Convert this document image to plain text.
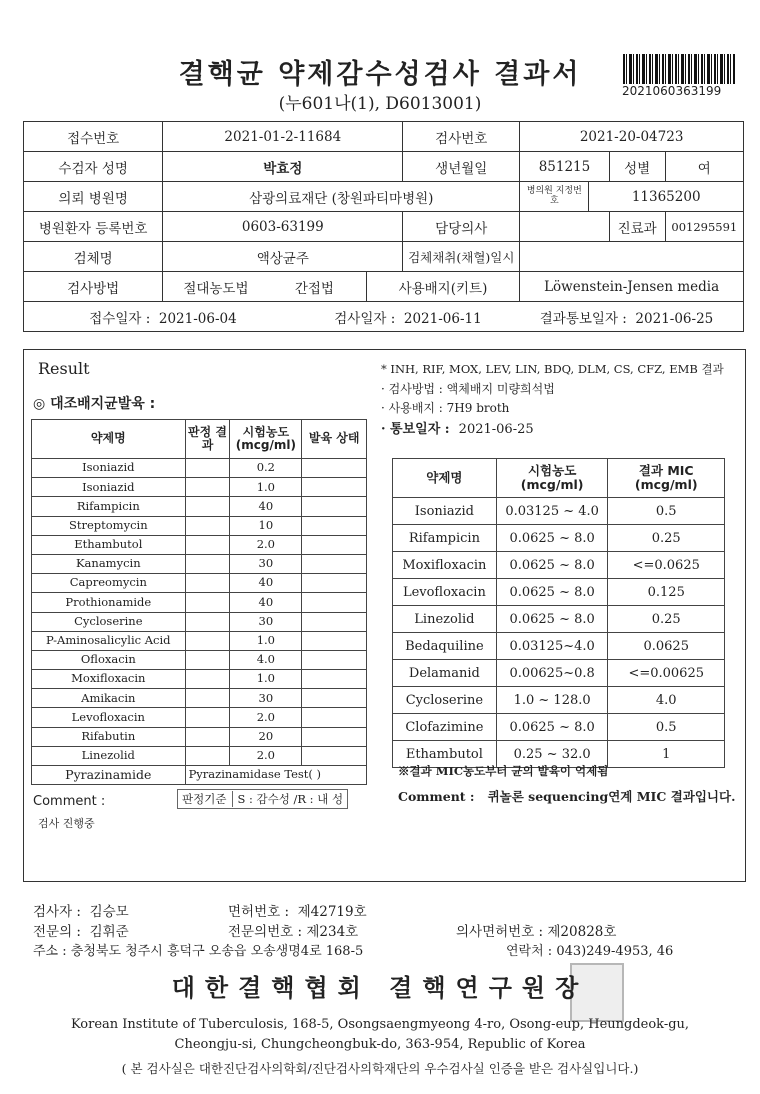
결핵균 약제감수성검사 결과서
(누601나(1), D6013001)
2021060363199
접수번호	2021-01-2-11684		검사번호	2021-20-04723			
수검자 성명	박효정		생년월일	851215		성별	여
의뢰 병원명	삼광의료재단 (창원파티마병원)			병의원 지정번호	11365200		
병원환자 등록번호	0603-63199		담당의사			진료과	001295591
검체명	액상균주		검체채취(채혈)일시				
검사방법	절대농도법 간접법	사용배지(키트)		Löwenstein-Jensen media			
접수일자 : 2021-06-04 검사일자 : 2021-06-11 결과통보일자 : 2021-06-25							
Result
◎ 대조배지균발육 :
약제명	판정 결과	시험농도 (mcg/ml)	발육 상태
Isoniazid		0.2	
Isoniazid		1.0	
Rifampicin		40	
Streptomycin		10	
Ethambutol		2.0	
Kanamycin		30	
Capreomycin		40	
Prothionamide		40	
Cycloserine		30	
P-Aminosalicylic Acid		1.0	
Ofloxacin		4.0	
Moxifloxacin		1.0	
Amikacin		30	
Levofloxacin		2.0	
Rifabutin		20	
Linezolid		2.0	
Pyrazinamide	Pyrazinamidase Test( )
판정기준 S : 감수성 /R : 내 성
Comment :
검사 진행중
* INH, RIF, MOX, LEV, LIN, BDQ, DLM, CS, CFZ, EMB 결과
· 검사방법 : 액체배지 미량희석법
· 사용배지 : 7H9 broth
· 통보일자 : 2021-06-25
약제명	시험농도 (mcg/ml)	결과 MIC (mcg/ml)
Isoniazid	0.03125 ~ 4.0	0.5
Rifampicin	0.0625 ~ 8.0	0.25
Moxifloxacin	0.0625 ~ 8.0	<=0.0625
Levofloxacin	0.0625 ~ 8.0	0.125
Linezolid	0.0625 ~ 8.0	0.25
Bedaquiline	0.03125~4.0	0.0625
Delamanid	0.00625~0.8	<=0.00625
Cycloserine	1.0 ~ 128.0	4.0
Clofazimine	0.0625 ~ 8.0	0.5
Ethambutol	0.25 ~ 32.0	1
※결과 MIC농도부터 균의 발육이 억제됨
Comment : 퀴놀론 sequencing연계 MIC 결과입니다.
검사자 : 김승모	면허번호 : 제42719호
전문의 : 김휘준	전문의번호 : 제234호	의사면허번호 : 제20828호
주소 : 충청북도 청주시 흥덕구 오송읍 오송생명4로 168-5	연락처 : 043)249-4953, 46
대한결핵협회 결핵연구원장
Korean Institute of Tuberculosis, 168-5, Osongsaengmyeong 4-ro, Osong-eup, Heungdeok-gu,
Cheongju-si, Chungcheongbuk-do, 363-954, Republic of Korea
( 본 검사실은 대한진단검사의학회/진단검사의학재단의 우수검사실 인증을 받은 검사실입니다.)
